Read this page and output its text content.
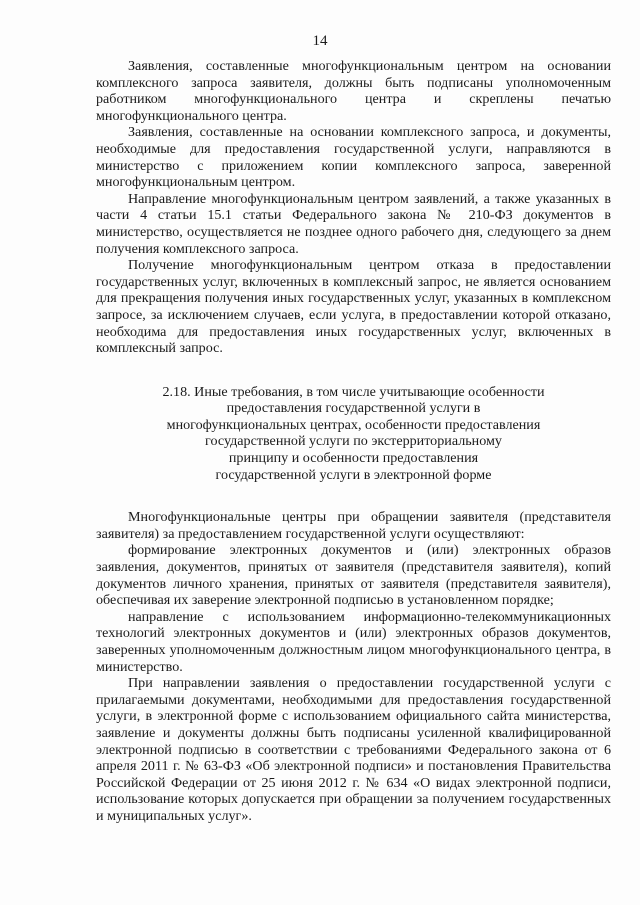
14

Заявления, составленные многофункциональным центром на основании комплексного запроса заявителя, должны быть подписаны уполномоченным работником многофункционального центра и скреплены печатью многофункционального центра.

Заявления, составленные на основании комплексного запроса, и документы, необходимые для предоставления государственной услуги, направляются в министерство с приложением копии комплексного запроса, заверенной многофункциональным центром.

Направление многофункциональным центром заявлений, а также указанных в части 4 статьи 15.1 статьи Федерального закона № 210-ФЗ документов в министерство, осуществляется не позднее одного рабочего дня, следующего за днем получения комплексного запроса.

Получение многофункциональным центром отказа в предоставлении государственных услуг, включенных в комплексный запрос, не является основанием для прекращения получения иных государственных услуг, указанных в комплексном запросе, за исключением случаев, если услуга, в предоставлении которой отказано, необходима для предоставления иных государственных услуг, включенных в комплексный запрос.

2.18. Иные требования, в том числе учитывающие особенности
предоставления государственной услуги в
многофункциональных центрах, особенности предоставления
государственной услуги по экстерриториальному
принципу и особенности предоставления
государственной услуги в электронной форме

Многофункциональные центры при обращении заявителя (представителя заявителя) за предоставлением государственной услуги осуществляют:

формирование электронных документов и (или) электронных образов заявления, документов, принятых от заявителя (представителя заявителя), копий документов личного хранения, принятых от заявителя (представителя заявителя), обеспечивая их заверение электронной подписью в установленном порядке;

направление с использованием информационно-телекоммуникационных технологий электронных документов и (или) электронных образов документов, заверенных уполномоченным должностным лицом многофункционального центра, в министерство.

При направлении заявления о предоставлении государственной услуги с прилагаемыми документами, необходимыми для предоставления государственной услуги, в электронной форме с использованием официального сайта министерства, заявление и документы должны быть подписаны усиленной квалифицированной электронной подписью в соответствии с требованиями Федерального закона от 6 апреля 2011 г. № 63-ФЗ «Об электронной подписи» и постановления Правительства Российской Федерации от 25 июня 2012 г. № 634 «О видах электронной подписи, использование которых допускается при обращении за получением государственных и муниципальных услуг».
